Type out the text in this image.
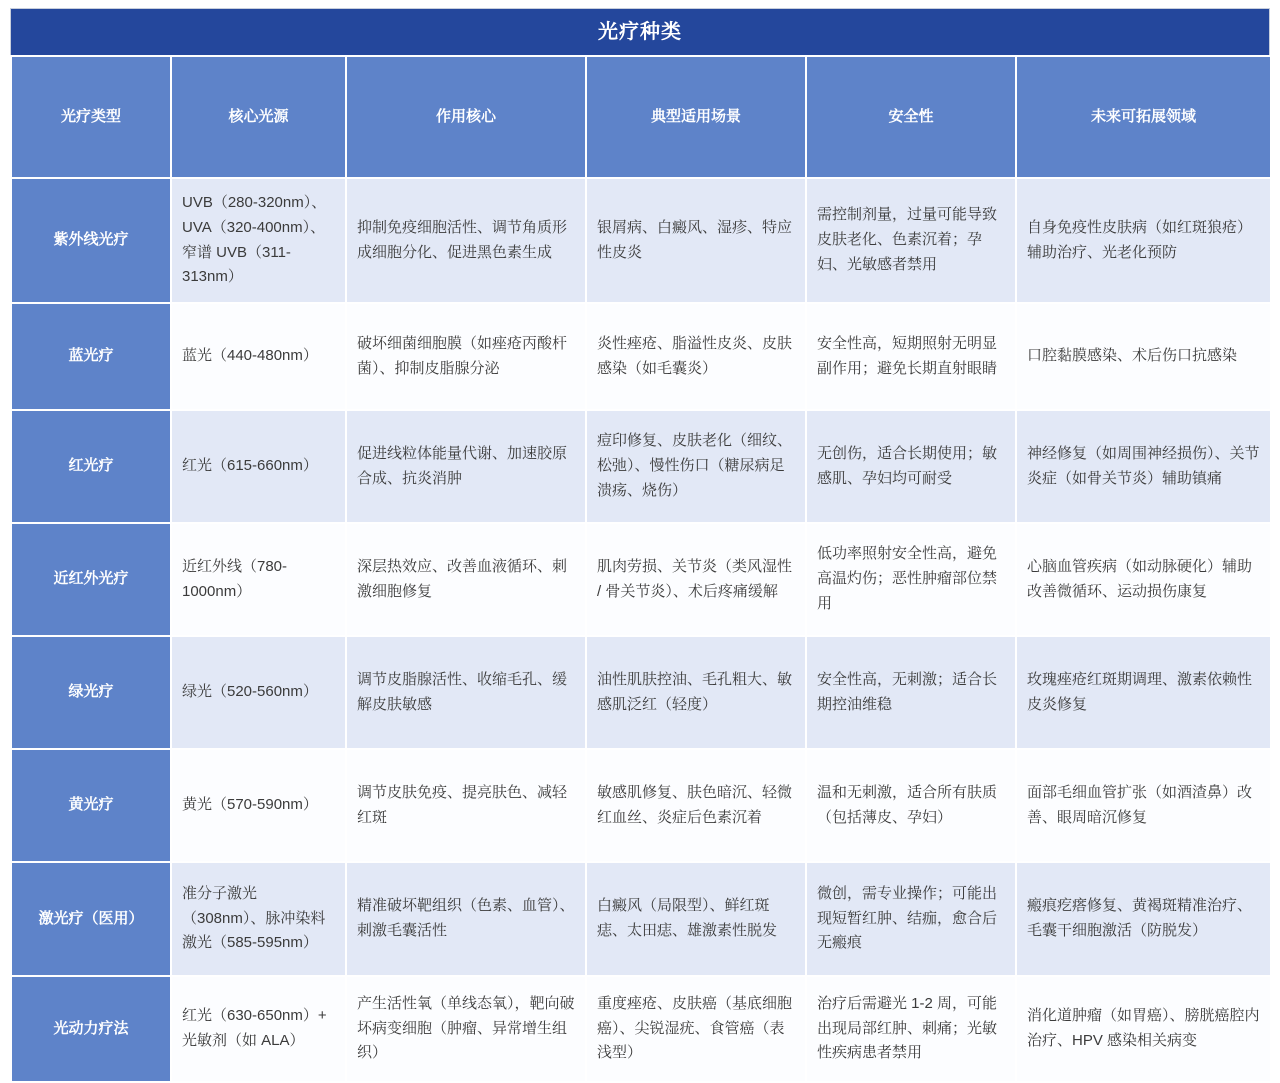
光疗种类
光疗类型	核心光源	作用核心	典型适用场景	安全性	未来可拓展领域
紫外线光疗	UVB（280-320nm）、UVA（320-400nm）、窄谱 UVB（311-313nm）	抑制免疫细胞活性、调节角质形成细胞分化、促进黑色素生成	银屑病、白癜风、湿疹、特应性皮炎	需控制剂量，过量可能导致皮肤老化、色素沉着；孕妇、光敏感者禁用	自身免疫性皮肤病（如红斑狼疮）辅助治疗、光老化预防
蓝光疗	蓝光（440-480nm）	破坏细菌细胞膜（如痤疮丙酸杆菌）、抑制皮脂腺分泌	炎性痤疮、脂溢性皮炎、皮肤感染（如毛囊炎）	安全性高，短期照射无明显副作用；避免长期直射眼睛	口腔黏膜感染、术后伤口抗感染
红光疗	红光（615-660nm）	促进线粒体能量代谢、加速胶原合成、抗炎消肿	痘印修复、皮肤老化（细纹、松弛）、慢性伤口（糖尿病足溃疡、烧伤）	无创伤，适合长期使用；敏感肌、孕妇均可耐受	神经修复（如周围神经损伤）、关节炎症（如骨关节炎）辅助镇痛
近红外光疗	近红外线（780-1000nm）	深层热效应、改善血液循环、刺激细胞修复	肌肉劳损、关节炎（类风湿性 / 骨关节炎）、术后疼痛缓解	低功率照射安全性高，避免高温灼伤；恶性肿瘤部位禁用	心脑血管疾病（如动脉硬化）辅助改善微循环、运动损伤康复
绿光疗	绿光（520-560nm）	调节皮脂腺活性、收缩毛孔、缓解皮肤敏感	油性肌肤控油、毛孔粗大、敏感肌泛红（轻度）	安全性高，无刺激；适合长期控油维稳	玫瑰痤疮红斑期调理、激素依赖性皮炎修复
黄光疗	黄光（570-590nm）	调节皮肤免疫、提亮肤色、减轻红斑	敏感肌修复、肤色暗沉、轻微红血丝、炎症后色素沉着	温和无刺激，适合所有肤质（包括薄皮、孕妇）	面部毛细血管扩张（如酒渣鼻）改善、眼周暗沉修复
激光疗（医用）	准分子激光（308nm）、脉冲染料激光（585-595nm）	精准破坏靶组织（色素、血管）、刺激毛囊活性	白癜风（局限型）、鲜红斑痣、太田痣、雄激素性脱发	微创，需专业操作；可能出现短暂红肿、结痂，愈合后无瘢痕	瘢痕疙瘩修复、黄褐斑精准治疗、毛囊干细胞激活（防脱发）
光动力疗法	红光（630-650nm）+ 光敏剂（如 ALA）	产生活性氧（单线态氧），靶向破坏病变细胞（肿瘤、异常增生组织）	重度痤疮、皮肤癌（基底细胞癌）、尖锐湿疣、食管癌（表浅型）	治疗后需避光 1-2 周，可能出现局部红肿、刺痛；光敏性疾病患者禁用	消化道肿瘤（如胃癌）、膀胱癌腔内治疗、HPV 感染相关病变
